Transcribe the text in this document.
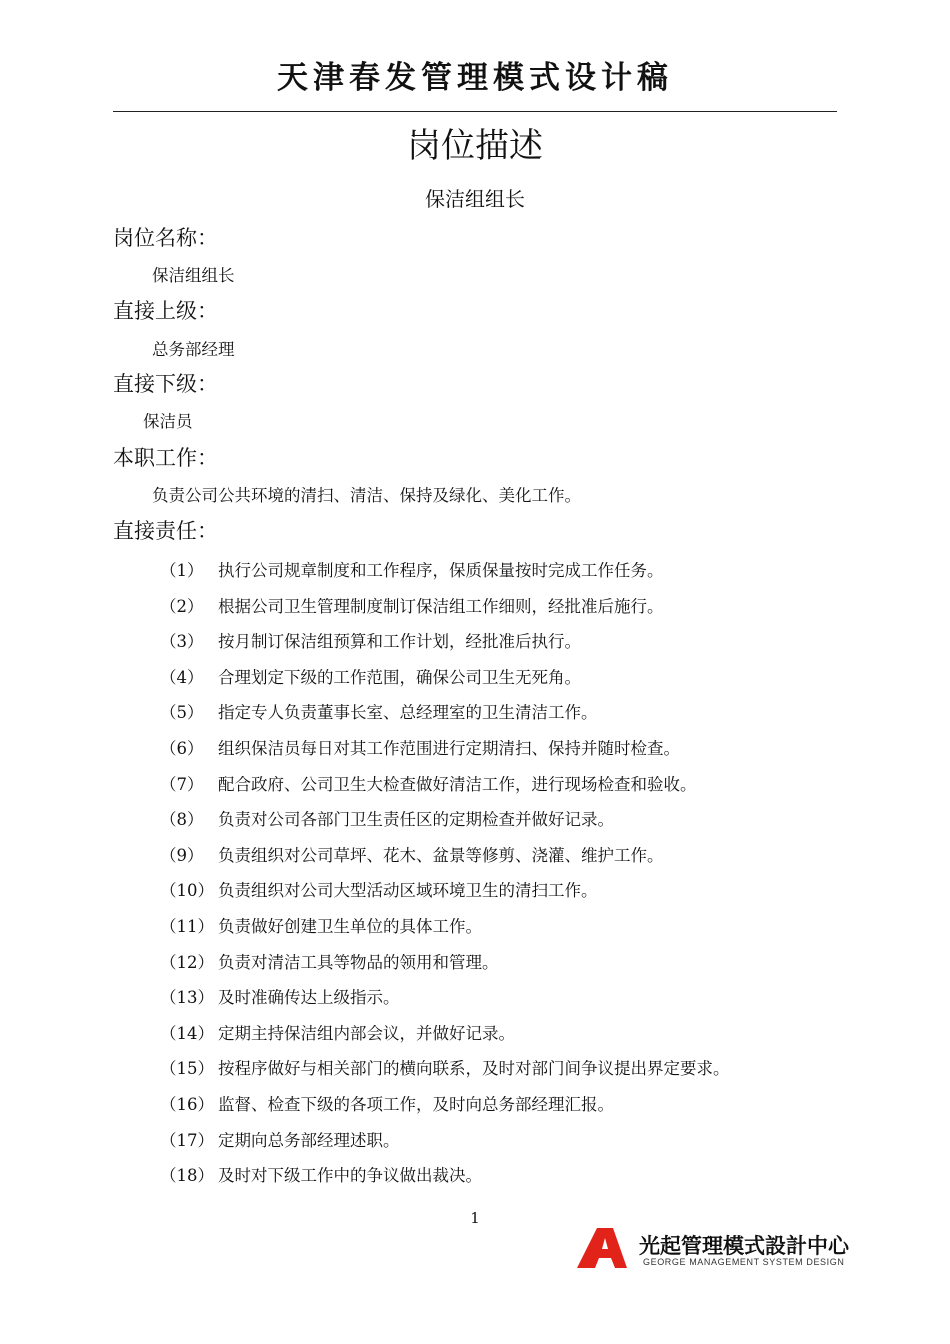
天津春发管理模式设计稿
岗位描述
保洁组组长
岗位名称：
保洁组组长
直接上级：
总务部经理
直接下级：
保洁员
本职工作：
负责公司公共环境的清扫、清洁、保持及绿化、美化工作。
直接责任：
（1） 执行公司规章制度和工作程序，保质保量按时完成工作任务。
（2） 根据公司卫生管理制度制订保洁组工作细则，经批准后施行。
（3） 按月制订保洁组预算和工作计划，经批准后执行。
（4） 合理划定下级的工作范围，确保公司卫生无死角。
（5） 指定专人负责董事长室、总经理室的卫生清洁工作。
（6） 组织保洁员每日对其工作范围进行定期清扫、保持并随时检查。
（7） 配合政府、公司卫生大检查做好清洁工作，进行现场检查和验收。
（8） 负责对公司各部门卫生责任区的定期检查并做好记录。
（9） 负责组织对公司草坪、花木、盆景等修剪、浇灌、维护工作。
（10） 负责组织对公司大型活动区域环境卫生的清扫工作。
（11） 负责做好创建卫生单位的具体工作。
（12） 负责对清洁工具等物品的领用和管理。
（13） 及时准确传达上级指示。
（14） 定期主持保洁组内部会议，并做好记录。
（15） 按程序做好与相关部门的横向联系，及时对部门间争议提出界定要求。
（16） 监督、检查下级的各项工作，及时向总务部经理汇报。
（17） 定期向总务部经理述职。
（18） 及时对下级工作中的争议做出裁决。
1
光起管理模式設計中心
GEORGE MANAGEMENT SYSTEM DESIGN
